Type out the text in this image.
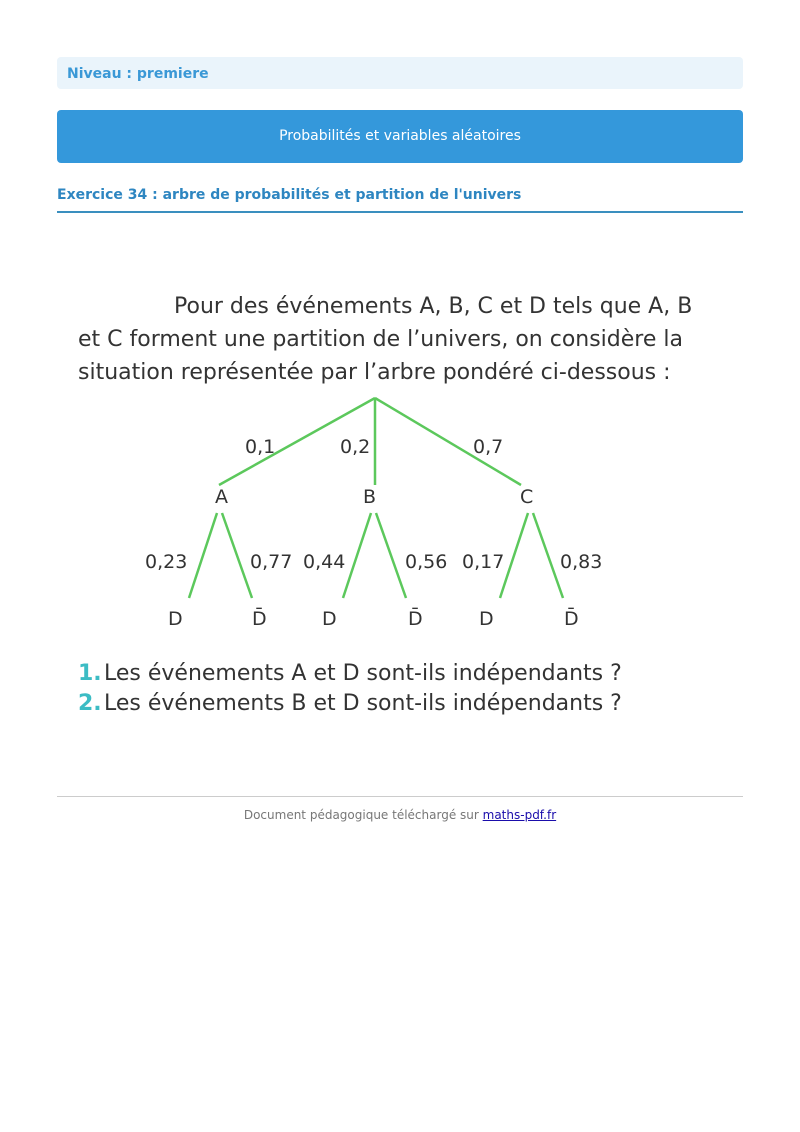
Niveau : premiere
Probabilités et variables aléatoires
Exercice 34 : arbre de probabilités et partition de l'univers
Pour des événements A, B, C et D tels que A, B
et C forment une partition de l’univers, on considère la
situation représentée par l’arbre pondéré ci-dessous :
0,1	0,2	0,7
A	B	C
0,23	0,77 0,44	0,56 0,17	0,83
D	D̄	D	D̄	D	D̄
1. Les événements A et D sont-ils indépendants ?
2. Les événements B et D sont-ils indépendants ?
Document pédagogique téléchargé sur maths-pdf.fr
